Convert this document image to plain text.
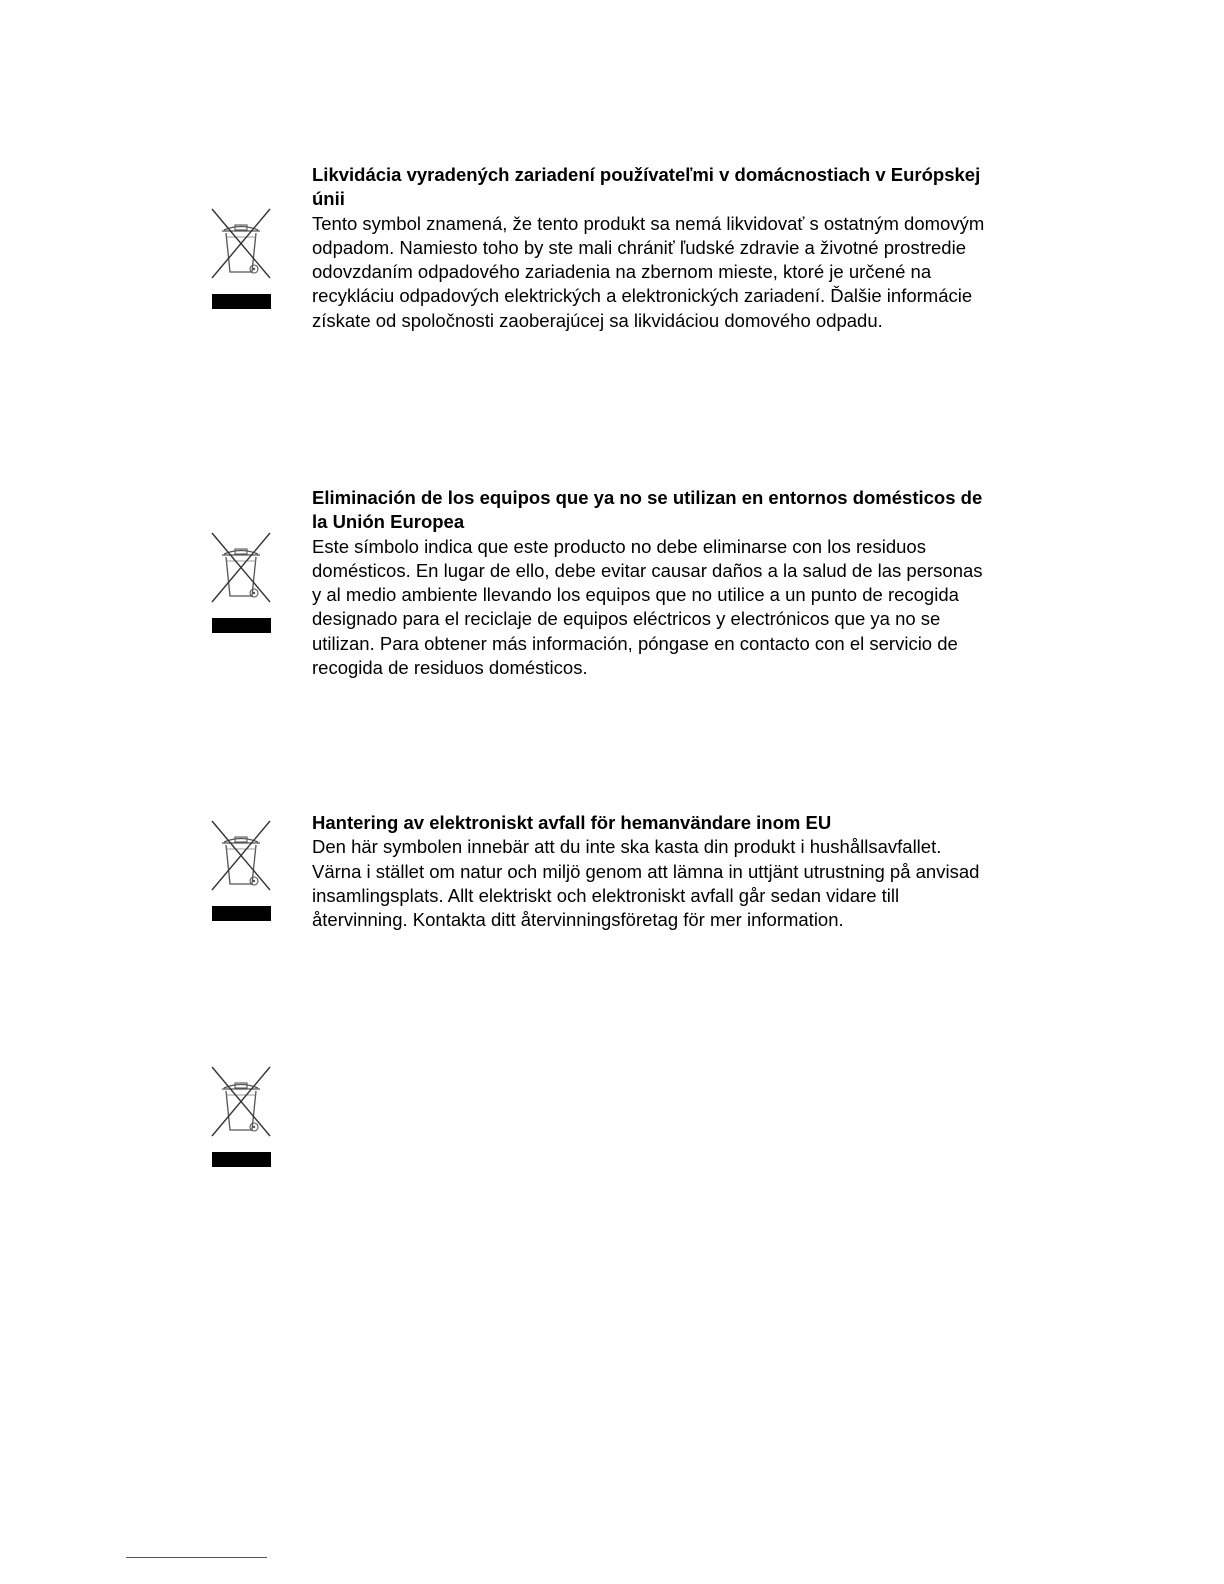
Likvidácia vyradených zariadení používateľmi v domácnostiach v Európskej únii

Tento symbol znamená, že tento produkt sa nemá likvidovať s ostatným domovým odpadom. Namiesto toho by ste mali chrániť ľudské zdravie a životné prostredie odovzdaním odpadového zariadenia na zbernom mieste, ktoré je určené na recykláciu odpadových elektrických a elektronických zariadení. Ďalšie informácie získate od spoločnosti zaoberajúcej sa likvidáciou domového odpadu.

Eliminación de los equipos que ya no se utilizan en entornos domésticos de la Unión Europea

Este símbolo indica que este producto no debe eliminarse con los residuos domésticos. En lugar de ello, debe evitar causar daños a la salud de las personas y al medio ambiente llevando los equipos que no utilice a un punto de recogida designado para el reciclaje de equipos eléctricos y electrónicos que ya no se utilizan. Para obtener más información, póngase en contacto con el servicio de recogida de residuos domésticos.

Hantering av elektroniskt avfall för hemanvändare inom EU

Den här symbolen innebär att du inte ska kasta din produkt i hushållsavfallet. Värna i stället om natur och miljö genom att lämna in uttjänt utrustning på anvisad insamlingsplats. Allt elektriskt och elektroniskt avfall går sedan vidare till återvinning. Kontakta ditt återvinningsföretag för mer information.
